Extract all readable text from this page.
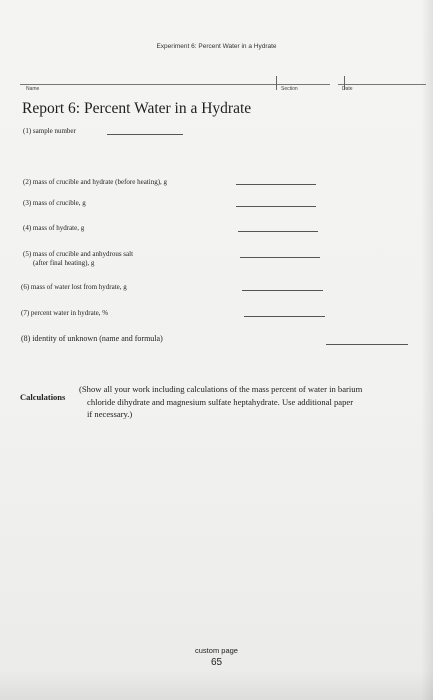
Experiment 6: Percent Water in a Hydrate
Name	Section	Date
Report 6: Percent Water in a Hydrate
(1) sample number
(2) mass of crucible and hydrate (before heating), g
(3) mass of crucible, g
(4) mass of hydrate, g
(5) mass of crucible and anhydrous salt
(after final heating), g
(6) mass of water lost from hydrate, g
(7) percent water in hydrate, %
(8) identity of unknown (name and formula)
Calculations
(Show all your work including calculations of the mass percent of water in barium

chloride dihydrate and magnesium sulfate heptahydrate. Use additional paper
if necessary.)
custom page
65
